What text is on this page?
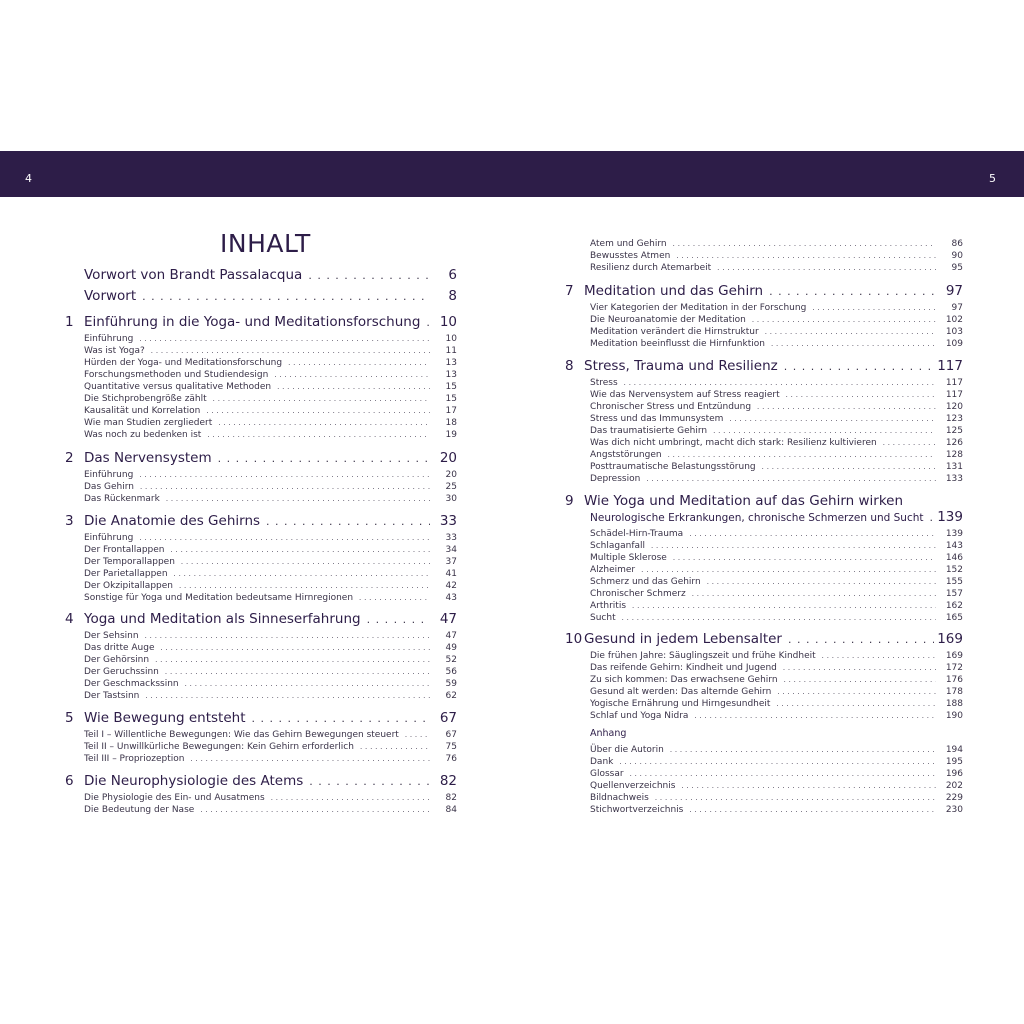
4	5
INHALT
Vorwort von Brandt Passalacqua . . .	6
Vorwort . . .	8
1 Einführung in die Yoga- und Meditationsforschung . . .	10
Einführung . . .	10
Was ist Yoga? . . .	11
Hürden der Yoga- und Meditationsforschung . . .	13
Forschungsmethoden und Studiendesign . . .	13
Quantitative versus qualitative Methoden . . .	15
Die Stichprobengröße zählt . . .	15
Kausalität und Korrelation . . .	17
Wie man Studien zergliedert . . .	18
Was noch zu bedenken ist . . .	19
2 Das Nervensystem . . .	20
Einführung . . .	20
Das Gehirn . . .	25
Das Rückenmark . . .	30
3 Die Anatomie des Gehirns . . .	33
Einführung . . .	33
Der Frontallappen . . .	34
Der Temporallappen . . .	37
Der Parietallappen . . .	41
Der Okzipitallappen . . .	42
Sonstige für Yoga und Meditation bedeutsame Hirnregionen . . .	43
4 Yoga und Meditation als Sinneserfahrung . . .	47
Der Sehsinn . . .	47
Das dritte Auge . . .	49
Der Gehörsinn . . .	52
Der Geruchssinn . . .	56
Der Geschmackssinn . . .	59
Der Tastsinn . . .	62
5 Wie Bewegung entsteht . . .	67
Teil I – Willentliche Bewegungen: Wie das Gehirn Bewegungen steuert . . .	67
Teil II – Unwillkürliche Bewegungen: Kein Gehirn erforderlich . . .	75
Teil III – Propriozeption . . .	76
6 Die Neurophysiologie des Atems . . .	82
Die Physiologie des Ein- und Ausatmens . . .	82
Die Bedeutung der Nase . . .	84
Atem und Gehirn . . .	86
Bewusstes Atmen . . .	90
Resilienz durch Atemarbeit . . .	95
7 Meditation und das Gehirn . . .	97
Vier Kategorien der Meditation in der Forschung . . .	97
Die Neuroanatomie der Meditation . . .	102
Meditation verändert die Hirnstruktur . . .	103
Meditation beeinflusst die Hirnfunktion . . .	109
8 Stress, Trauma und Resilienz . . .	117
Stress . . .	117
Wie das Nervensystem auf Stress reagiert . . .	117
Chronischer Stress und Entzündung . . .	120
Stress und das Immunsystem . . .	123
Das traumatisierte Gehirn . . .	125
Was dich nicht umbringt, macht dich stark: Resilienz kultivieren . . .	126
Angststörungen . . .	128
Posttraumatische Belastungsstörung . . .	131
Depression . . .	133
9 Wie Yoga und Meditation auf das Gehirn wirken
Neurologische Erkrankungen, chronische Schmerzen und Sucht . . . 139
Schädel-Hirn-Trauma . . .	139
Schlaganfall . . .	143
Multiple Sklerose . . .	146
Alzheimer . . .	152
Schmerz und das Gehirn . . .	155
Chronischer Schmerz . . .	157
Arthritis . . .	162
Sucht . . .	165
10 Gesund in jedem Lebensalter . . .	169
Die frühen Jahre: Säuglingszeit und frühe Kindheit . . .	169
Das reifende Gehirn: Kindheit und Jugend . . .	172
Zu sich kommen: Das erwachsene Gehirn . . .	176
Gesund alt werden: Das alternde Gehirn . . .	178
Yogische Ernährung und Hirngesundheit . . .	188
Schlaf und Yoga Nidra . . .	190
Anhang
Über die Autorin . . .	194
Dank . . .	195
Glossar . . .	196
Quellenverzeichnis . . .	202
Bildnachweis . . .	229
Stichwortverzeichnis . . .	230
